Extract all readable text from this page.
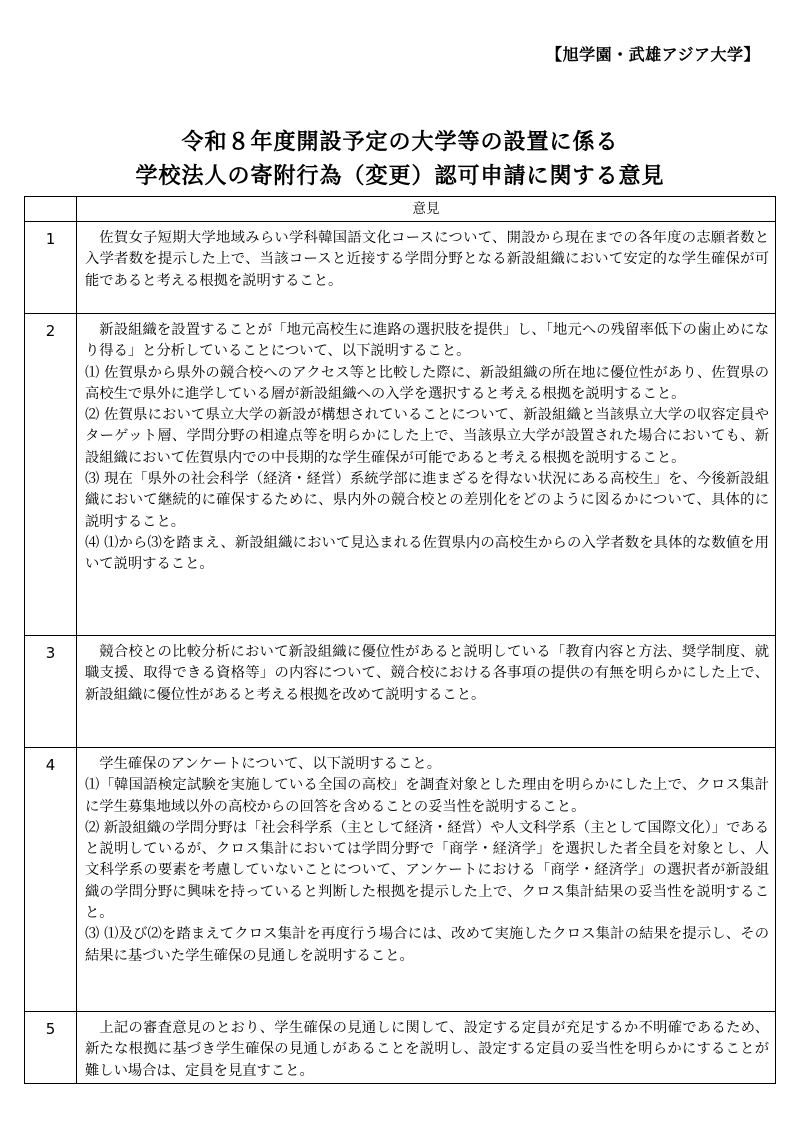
【旭学園・武雄アジア大学】
令和８年度開設予定の大学等の設置に係る
学校法人の寄附行為（変更）認可申請に関する意見
	意見
1	佐賀女子短期大学地域みらい学科韓国語文化コースについて、開設から現在までの各年度の志願者数と入学者数を提示した上で、当該コースと近接する学問分野となる新設組織において安定的な学生確保が可能であると考える根拠を説明すること。

2	新設組織を設置することが「地元高校生に進路の選択肢を提供」し、「地元への残留率低下の歯止めになり得る」と分析していることについて、以下説明すること。

⑴ 佐賀県から県外の競合校へのアクセス等と比較した際に、新設組織の所在地に優位性があり、佐賀県の高校生で県外に進学している層が新設組織への入学を選択すると考える根拠を説明すること。

⑵ 佐賀県において県立大学の新設が構想されていることについて、新設組織と当該県立大学の収容定員やターゲット層、学問分野の相違点等を明らかにした上で、当該県立大学が設置された場合においても、新設組織において佐賀県内での中長期的な学生確保が可能であると考える根拠を説明すること。

⑶ 現在「県外の社会科学（経済・経営）系統学部に進まざるを得ない状況にある高校生」を、今後新設組織において継続的に確保するために、県内外の競合校との差別化をどのように図るかについて、具体的に説明すること。

⑷ ⑴から⑶を踏まえ、新設組織において見込まれる佐賀県内の高校生からの入学者数を具体的な数値を用いて説明すること。

3	競合校との比較分析において新設組織に優位性があると説明している「教育内容と方法、奨学制度、就職支援、取得できる資格等」の内容について、競合校における各事項の提供の有無を明らかにした上で、新設組織に優位性があると考える根拠を改めて説明すること。

4	学生確保のアンケートについて、以下説明すること。

⑴「韓国語検定試験を実施している全国の高校」を調査対象とした理由を明らかにした上で、クロス集計に学生募集地域以外の高校からの回答を含めることの妥当性を説明すること。

⑵ 新設組織の学問分野は「社会科学系（主として経済・経営）や人文科学系（主として国際文化）」であると説明しているが、クロス集計においては学問分野で「商学・経済学」を選択した者全員を対象とし、人文科学系の要素を考慮していないことについて、アンケートにおける「商学・経済学」の選択者が新設組織の学問分野に興味を持っていると判断した根拠を提示した上で、クロス集計結果の妥当性を説明すること。

⑶ ⑴及び⑵を踏まえてクロス集計を再度行う場合には、改めて実施したクロス集計の結果を提示し、その結果に基づいた学生確保の見通しを説明すること。

5	上記の審査意見のとおり、学生確保の見通しに関して、設定する定員が充足するか不明確であるため、新たな根拠に基づき学生確保の見通しがあることを説明し、設定する定員の妥当性を明らかにすることが難しい場合は、定員を見直すこと。
